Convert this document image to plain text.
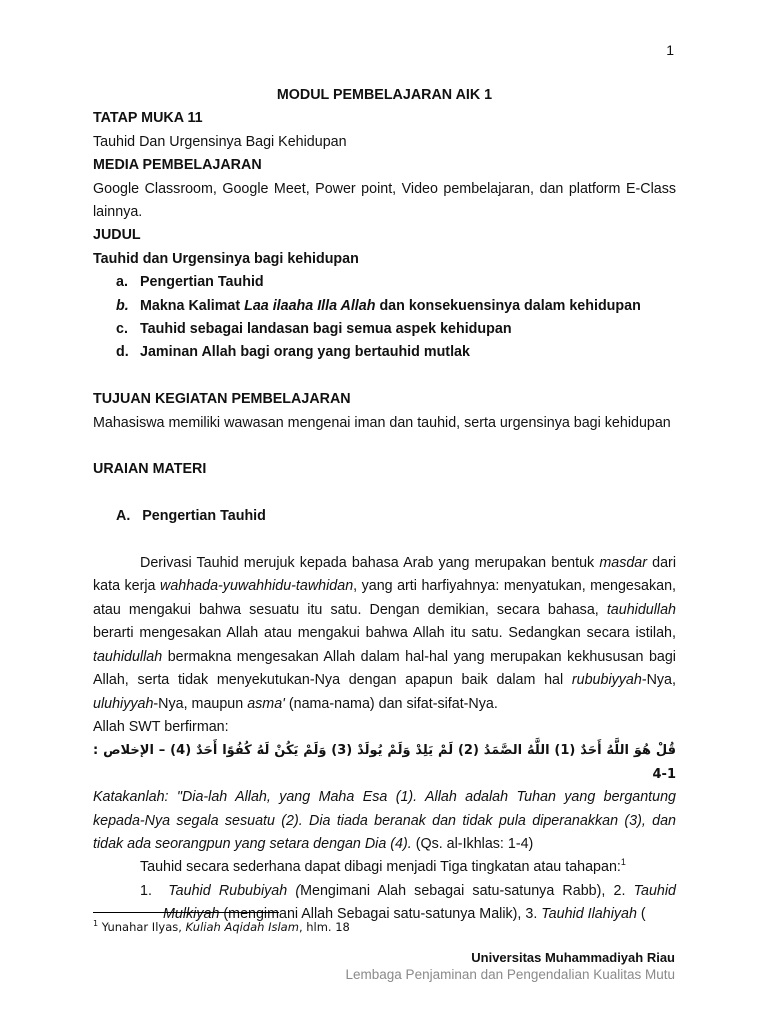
1

MODUL PEMBELAJARAN AIK 1

TATAP MUKA 11

Tauhid Dan Urgensinya Bagi Kehidupan

MEDIA PEMBELAJARAN

Google Classroom, Google Meet, Power point, Video pembelajaran, dan platform E-Class lainnya.

JUDUL

Tauhid dan Urgensinya bagi kehidupan

a. Pengertian Tauhid
b. Makna Kalimat Laa ilaaha Illa Allah dan konsekuensinya dalam kehidupan
c. Tauhid sebagai landasan bagi semua aspek kehidupan
d. Jaminan Allah bagi orang yang bertauhid mutlak

TUJUAN KEGIATAN PEMBELAJARAN

Mahasiswa memiliki wawasan mengenai iman dan tauhid, serta urgensinya bagi kehidupan

URAIAN MATERI

A. Pengertian Tauhid

Derivasi Tauhid merujuk kepada bahasa Arab yang merupakan bentuk masdar dari kata kerja wahhada-yuwahhidu-tawhidan, yang arti harfiyahnya: menyatukan, mengesakan, atau mengakui bahwa sesuatu itu satu. Dengan demikian, secara bahasa, tauhidullah berarti mengesakan Allah atau mengakui bahwa Allah itu satu. Sedangkan secara istilah, tauhidullah bermakna mengesakan Allah dalam hal-hal yang merupakan kekhususan bagi Allah, serta tidak menyekutukan-Nya dengan apapun baik dalam hal rububiyyah-Nya, uluhiyyah-Nya, maupun asma' (nama-nama) dan sifat-sifat-Nya.

Allah SWT berfirman:

قُلْ هُوَ اللَّهُ أَحَدٌ (1) اللَّهُ الصَّمَدُ (2) لَمْ يَلِدْ وَلَمْ يُولَدْ (3) وَلَمْ يَكُنْ لَهُ كُفُوًا أَحَدٌ (4) – الإخلاص : 1-4

Katakanlah: "Dia-lah Allah, yang Maha Esa (1). Allah adalah Tuhan yang bergantung kepada-Nya segala sesuatu (2). Dia tiada beranak dan tidak pula diperanakkan (3), dan tidak ada seorangpun yang setara dengan Dia (4). (Qs. al-Ikhlas: 1-4)

Tauhid secara sederhana dapat dibagi menjadi Tiga tingkatan atau tahapan:$^1$

1. Tauhid Rububiyah (Mengimani Alah sebagai satu-satunya Rabb), 2. Tauhid Mulkiyah (mengimani Allah Sebagai satu-satunya Malik), 3. Tauhid Ilahiyah (

$^1$ Yunahar Ilyas, Kuliah Aqidah Islam, hlm. 18
Universitas Muhammadiyah Riau
Lembaga Penjaminan dan Pengendalian Kualitas Mutu
